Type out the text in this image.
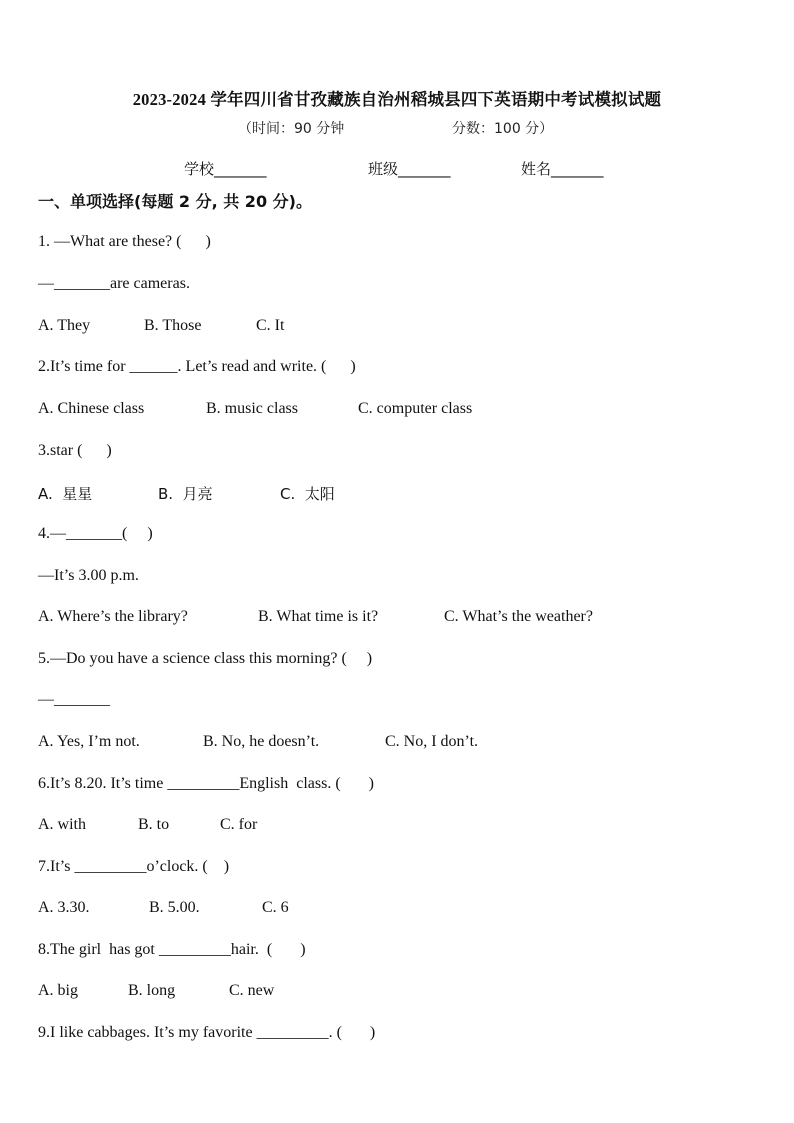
2023-2024 学年四川省甘孜藏族自治州稻城县四下英语期中考试模拟试题
（时间：90 分钟	分数：100 分）
学校_______	班级_______	姓名_______
一、单项选择(每题 2 分, 共 20 分)。
1. —What are these? (      )
—_______are cameras.
A. They	B. Those	C. It
2.It’s time for ______. Let’s read and write. (      )
A. Chinese class	B. music class	C. computer class
3.star (      )
A.  星星	B.  月亮	C.  太阳
4.—_______(     )
—It’s 3.00 p.m.
A. Where’s the library?	B. What time is it?	C. What’s the weather?
5.—Do you have a science class this morning? (     )
—_______
A. Yes, I’m not.	B. No, he doesn’t.	C. No, I don’t.
6.It’s 8.20. It’s time _________English  class. (       )
A. with	B. to	C. for
7.It’s _________o’clock. (    )
A. 3.30.	B. 5.00.	C. 6
8.The girl  has got _________hair.  (       )
A. big	B. long	C. new
9.I like cabbages. It’s my favorite _________. (       )
